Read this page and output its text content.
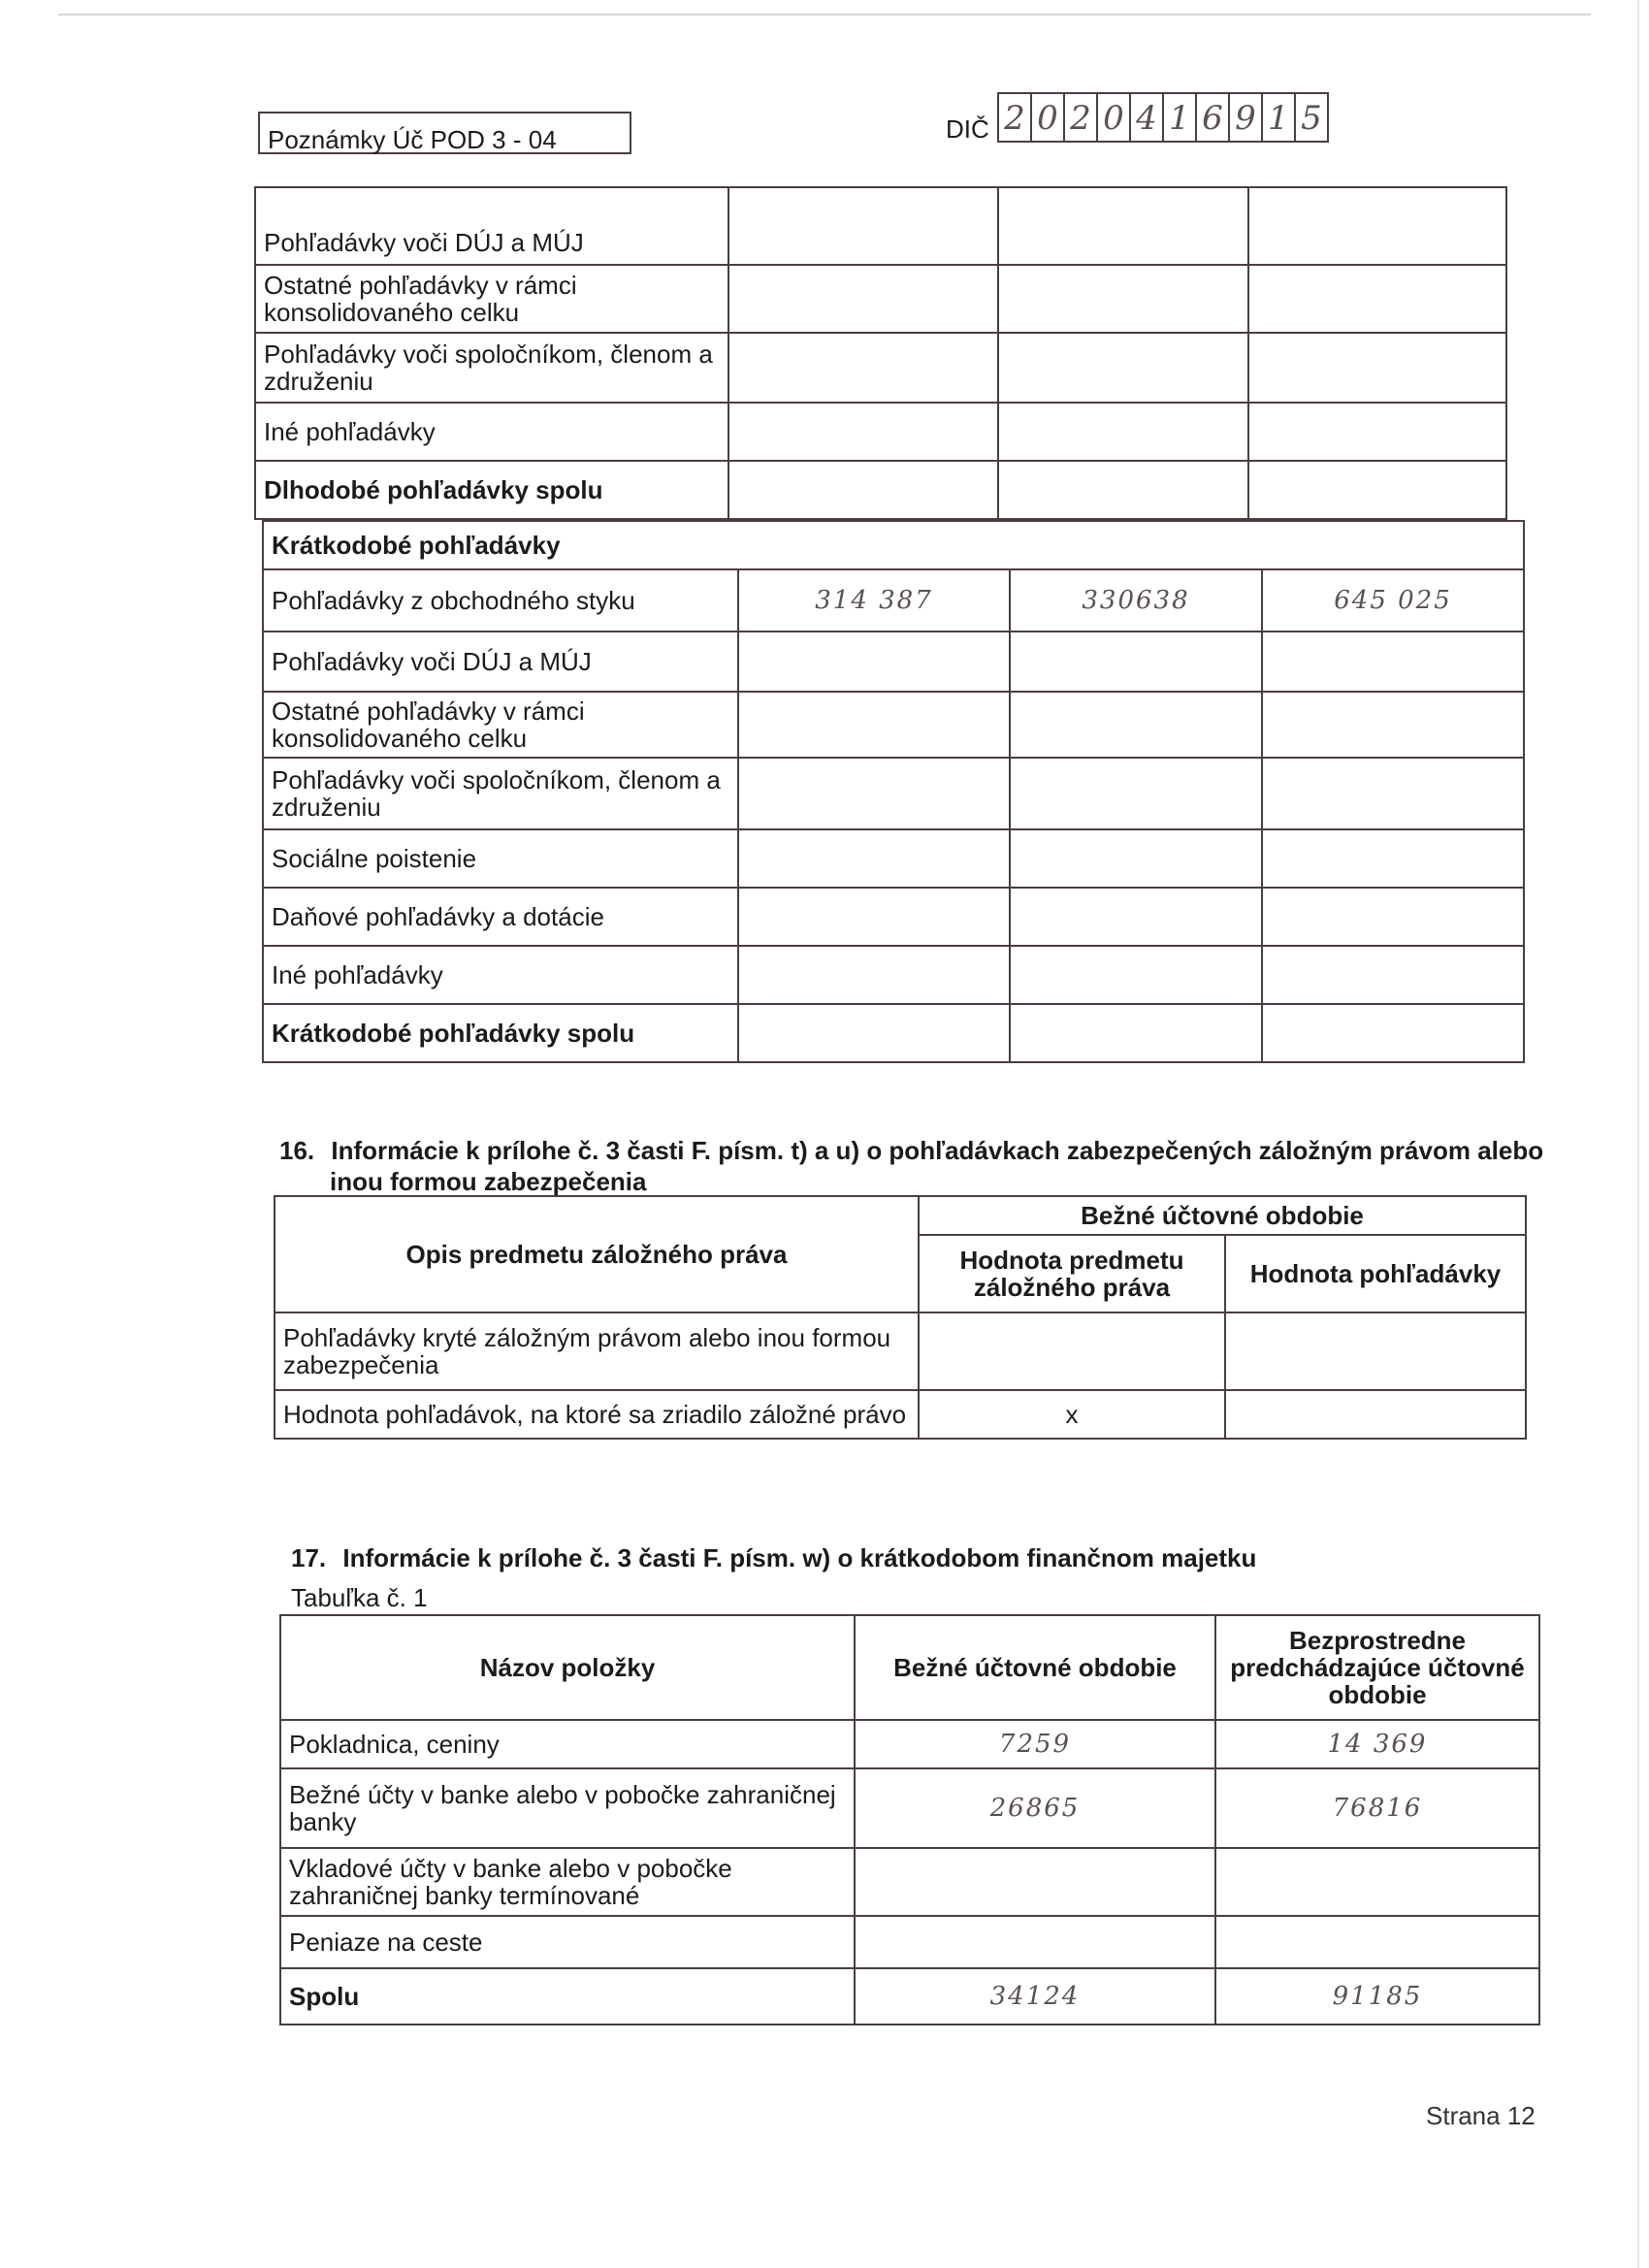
Poznámky Úč POD 3 - 04	DIČ 2 0 2 0 4 1 6 9 1 5
Pohľadávky voči DÚJ a MÚJ			
Ostatné pohľadávky v rámci konsolidovaného celku			
Pohľadávky voči spoločníkom, členom a združeniu			
Iné pohľadávky			
Dlhodobé pohľadávky spolu			
Krátkodobé pohľadávky			
Pohľadávky z obchodného styku	314 387	330638	645 025
Pohľadávky voči DÚJ a MÚJ			
Ostatné pohľadávky v rámci konsolidovaného celku			
Pohľadávky voči spoločníkom, členom a združeniu			
Sociálne poistenie			
Daňové pohľadávky a dotácie			
Iné pohľadávky			
Krátkodobé pohľadávky spolu			
16. Informácie k prílohe č. 3 časti F. písm. t) a u) o pohľadávkach zabezpečených záložným právom alebo
inou formou zabezpečenia
Opis predmetu záložného práva	Bežné účtovné obdobie	
	Hodnota predmetu záložného práva	Hodnota pohľadávky
Pohľadávky kryté záložným právom alebo inou formou zabezpečenia		
Hodnota pohľadávok, na ktoré sa zriadilo záložné právo	x	
17. Informácie k prílohe č. 3 časti F. písm. w) o krátkodobom finančnom majetku
Tabuľka č. 1
Názov položky	Bežné účtovné obdobie	Bezprostredne predchádzajúce účtovné obdobie
Pokladnica, ceniny	7259	14 369
Bežné účty v banke alebo v pobočke zahraničnej banky	26865	76816
Vkladové účty v banke alebo v pobočke zahraničnej banky termínované		
Peniaze na ceste		
Spolu	34124	91185
Strana 12
